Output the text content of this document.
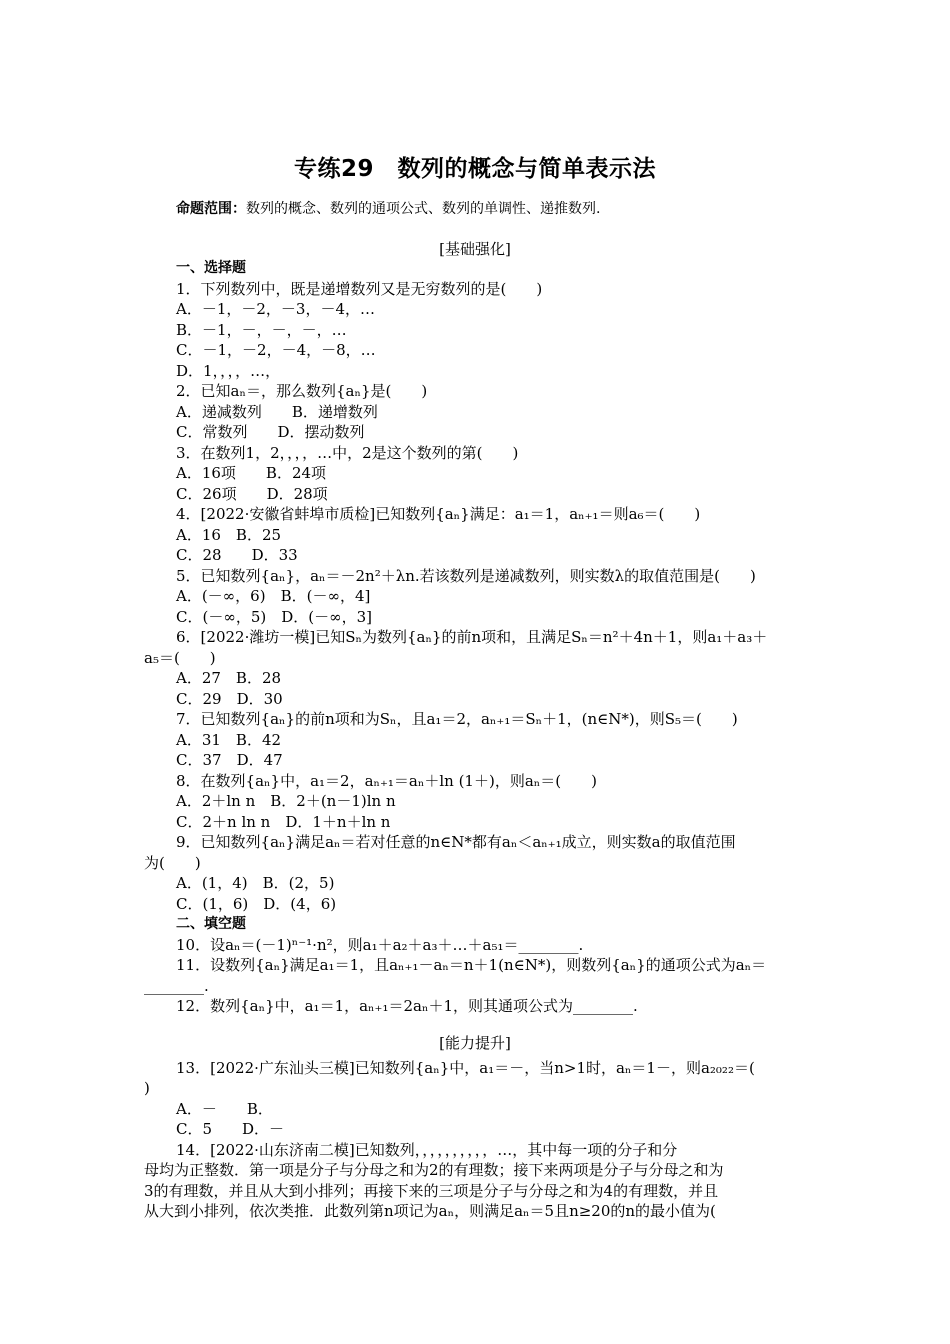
专练29　数列的概念与简单表示法
命题范围：数列的概念、数列的通项公式、数列的单调性、递推数列.
[基础强化]
[能力提升]
一、选择题
1．下列数列中，既是递增数列又是无穷数列的是(　　)
A．－1，－2，－3，－4，…
B．－1，－，－，－，…
C．－1，－2，－4，－8，…
D．1，，，，…，
2．已知aₙ＝，那么数列{aₙ}是(　　)
A．递减数列　　B．递增数列
C．常数列　　D．摆动数列
3．在数列1，2，，，，…中，2是这个数列的第(　　)
A．16项　　B．24项
C．26项　　D．28项
4．[2022·安徽省蚌埠市质检]已知数列{aₙ}满足：a₁＝1，aₙ₊₁＝则a₆＝(　　)
A．16　B．25
C．28　　D．33
5．已知数列{aₙ}，aₙ＝－2n²＋λn.若该数列是递减数列，则实数λ的取值范围是(　　)
A．(－∞，6)　B．(－∞，4]
C．(－∞，5)　D．(－∞，3]
6．[2022·潍坊一模]已知Sₙ为数列{aₙ}的前n项和，且满足Sₙ＝n²＋4n＋1，则a₁＋a₃＋
a₅＝(　　)
A．27　B．28
C．29　D．30
7．已知数列{aₙ}的前n项和为Sₙ，且a₁＝2，aₙ₊₁＝Sₙ＋1，(n∈N*)，则S₅＝(　　)
A．31　B．42
C．37　D．47
8．在数列{aₙ}中，a₁＝2，aₙ₊₁＝aₙ＋ln (1＋)，则aₙ＝(　　)
A．2＋ln n　B．2＋(n－1)ln n
C．2＋n ln n　D．1＋n＋ln n
9．已知数列{aₙ}满足aₙ＝若对任意的n∈N*都有aₙ＜aₙ₊₁成立，则实数a的取值范围
为(　　)
A．(1，4)　B．(2，5)
C．(1，6)　D．(4，6)
二、填空题
10．设aₙ＝(－1)ⁿ⁻¹·n²，则a₁＋a₂＋a₃＋…＋a₅₁＝________.
11．设数列{aₙ}满足a₁＝1，且aₙ₊₁－aₙ＝n＋1(n∈N*)，则数列{aₙ}的通项公式为aₙ＝
________.
12．数列{aₙ}中，a₁＝1，aₙ₊₁＝2aₙ＋1，则其通项公式为________.
13．[2022·广东汕头三模]已知数列{aₙ}中，a₁＝－，当n>1时，aₙ＝1－，则a₂₀₂₂＝(
)
A．－　　B．
C．5　　D．－
14．[2022·山东济南二模]已知数列，，，，，，，，，，…，其中每一项的分子和分
母均为正整数．第一项是分子与分母之和为2的有理数；接下来两项是分子与分母之和为
3的有理数，并且从大到小排列；再接下来的三项是分子与分母之和为4的有理数，并且
从大到小排列，依次类推．此数列第n项记为aₙ，则满足aₙ＝5且n≥20的n的最小值为(
